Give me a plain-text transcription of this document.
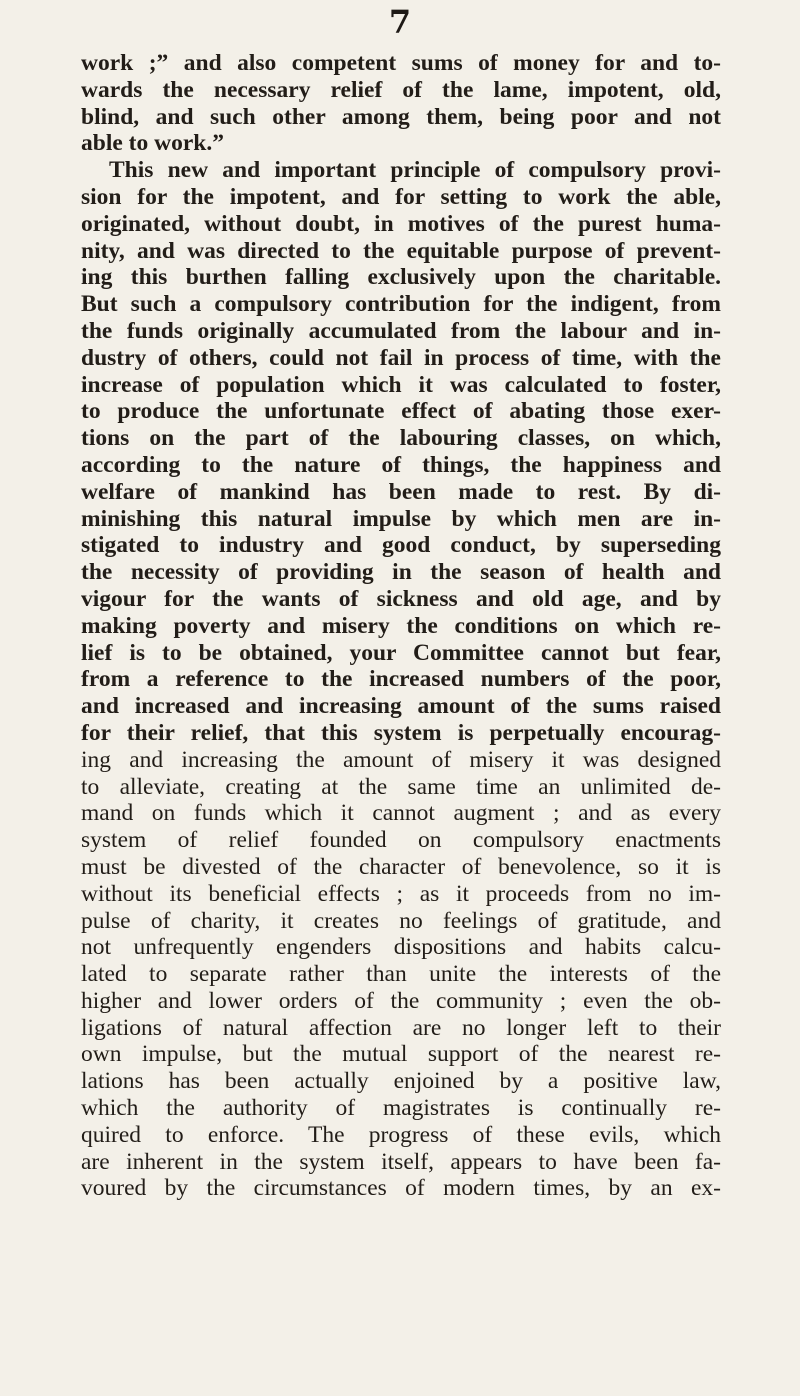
7
work ;” and also competent sums of money for and to-
wards the necessary relief of the lame, impotent, old,
blind, and such other among them, being poor and not
able to work.”
This new and important principle of compulsory provi-
sion for the impotent, and for setting to work the able,
originated, without doubt, in motives of the purest huma-
nity, and was directed to the equitable purpose of prevent-
ing this burthen falling exclusively upon the charitable.
But such a compulsory contribution for the indigent, from
the funds originally accumulated from the labour and in-
dustry of others, could not fail in process of time, with the
increase of population which it was calculated to foster,
to produce the unfortunate effect of abating those exer-
tions on the part of the labouring classes, on which,
according to the nature of things, the happiness and
welfare of mankind has been made to rest. By di-
minishing this natural impulse by which men are in-
stigated to industry and good conduct, by superseding
the necessity of providing in the season of health and
vigour for the wants of sickness and old age, and by
making poverty and misery the conditions on which re-
lief is to be obtained, your Committee cannot but fear,
from a reference to the increased numbers of the poor,
and increased and increasing amount of the sums raised
for their relief, that this system is perpetually encourag-
ing and increasing the amount of misery it was designed
to alleviate, creating at the same time an unlimited de-
mand on funds which it cannot augment ; and as every
system of relief founded on compulsory enactments
must be divested of the character of benevolence, so it is
without its beneficial effects ; as it proceeds from no im-
pulse of charity, it creates no feelings of gratitude, and
not unfrequently engenders dispositions and habits calcu-
lated to separate rather than unite the interests of the
higher and lower orders of the community ; even the ob-
ligations of natural affection are no longer left to their
own impulse, but the mutual support of the nearest re-
lations has been actually enjoined by a positive law,
which the authority of magistrates is continually re-
quired to enforce. The progress of these evils, which
are inherent in the system itself, appears to have been fa-
voured by the circumstances of modern times, by an ex-
